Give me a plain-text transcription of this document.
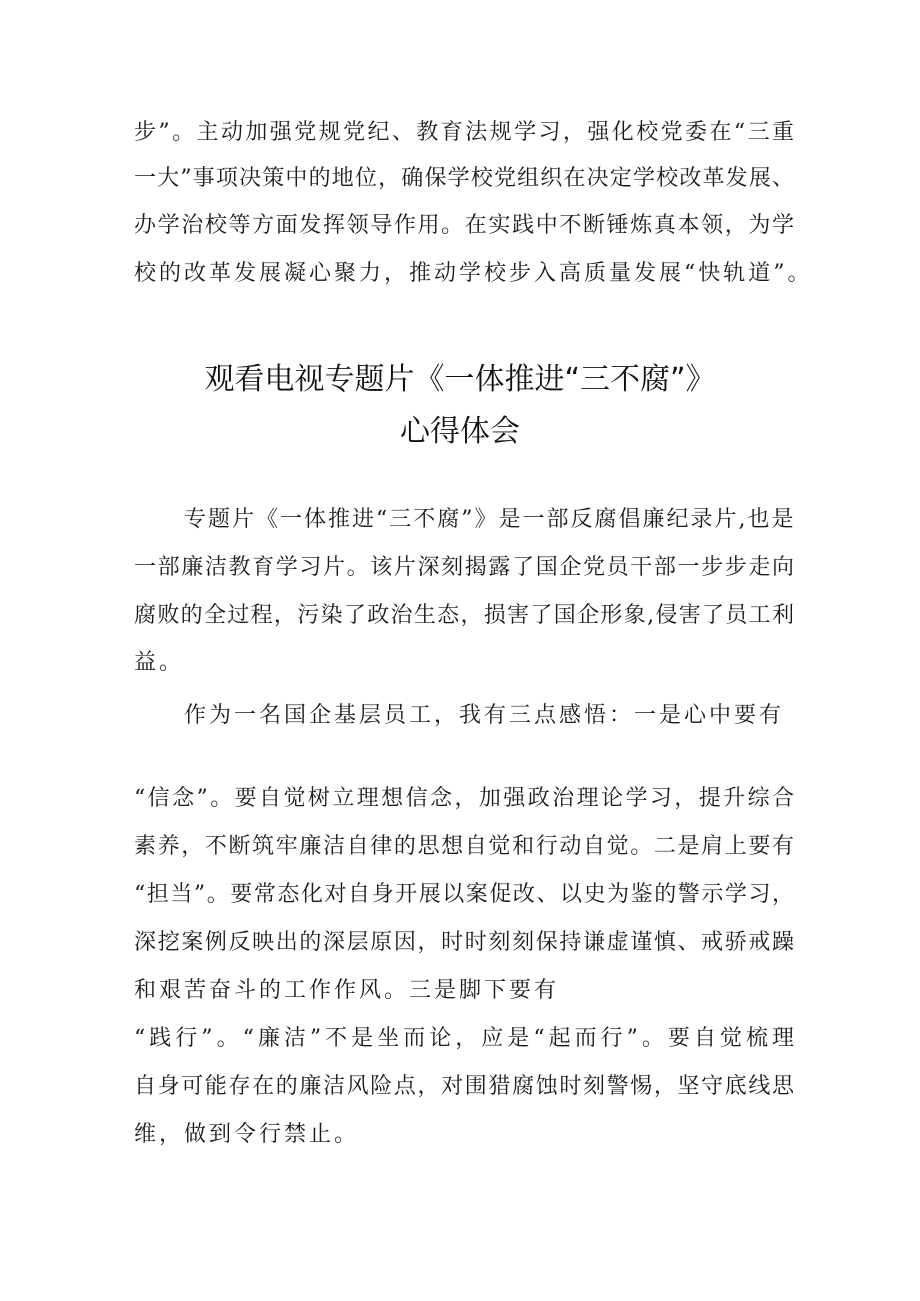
步”。主动加强党规党纪、教育法规学习，强化校党委在“三重
一大”事项决策中的地位，确保学校党组织在决定学校改革发展、
办学治校等方面发挥领导作用。在实践中不断锤炼真本领，为学
校的改革发展凝心聚力，推动学校步入高质量发展“快轨道”。
观看电视专题片《一体推进“三不腐”》
心得体会
专题片《一体推进“三不腐”》是一部反腐倡廉纪录片,也是
一部廉洁教育学习片。该片深刻揭露了国企党员干部一步步走向
腐败的全过程，污染了政治生态，损害了国企形象,侵害了员工利
益。
作为一名国企基层员工，我有三点感悟：一是心中要有
“信念”。要自觉树立理想信念，加强政治理论学习，提升综合
素养，不断筑牢廉洁自律的思想自觉和行动自觉。二是肩上要有
“担当”。要常态化对自身开展以案促改、以史为鉴的警示学习，
深挖案例反映出的深层原因，时时刻刻保持谦虚谨慎、戒骄戒躁
和艰苦奋斗的工作作风。三是脚下要有
“践行”。“廉洁”不是坐而论，应是“起而行”。要自觉梳理
自身可能存在的廉洁风险点，对围猎腐蚀时刻警惕，坚守底线思
维，做到令行禁止。
